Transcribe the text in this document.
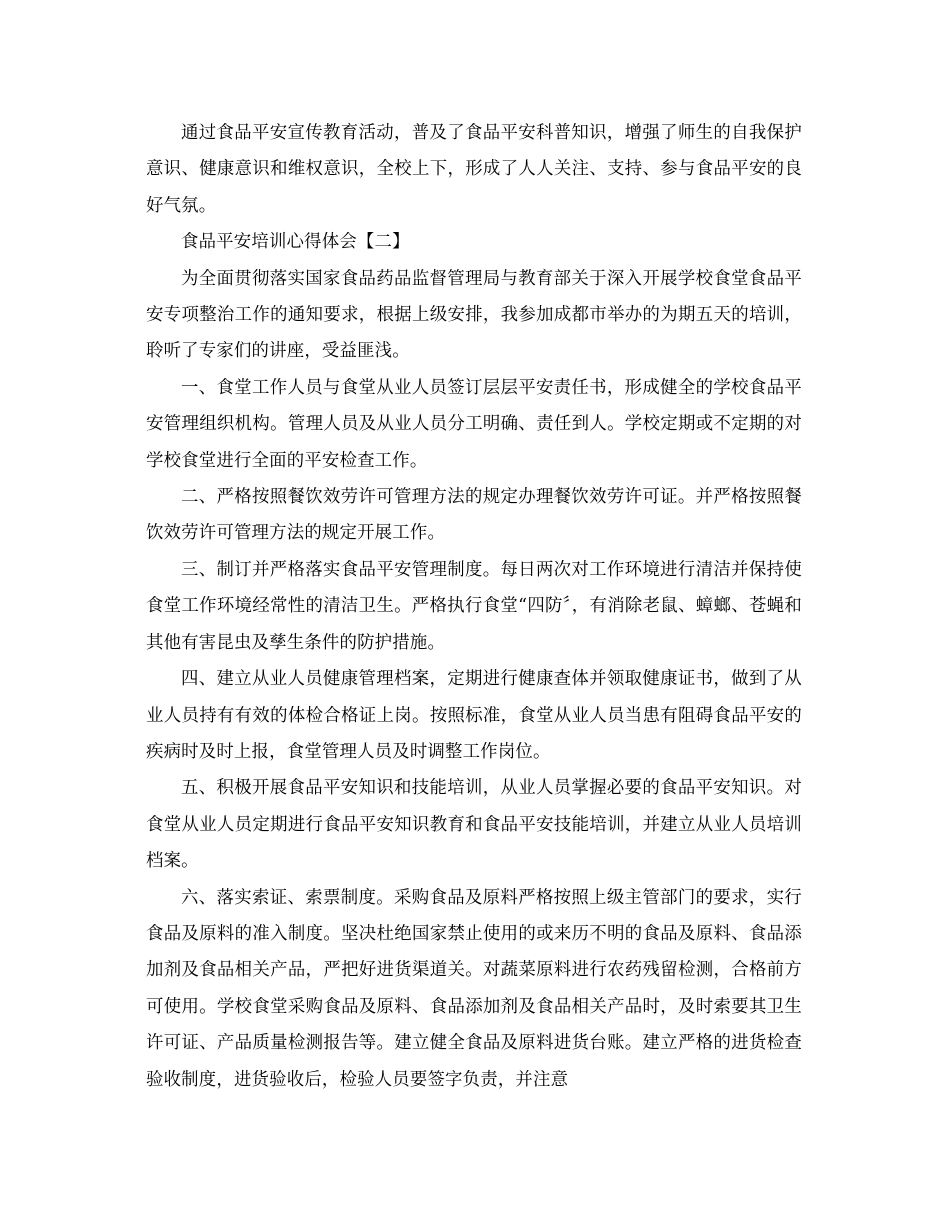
通过食品平安宣传教育活动，普及了食品平安科普知识，增强了师生的自我保护意识、健康意识和维权意识，全校上下，形成了人人关注、支持、参与食品平安的良好气氛。

食品平安培训心得体会【二】

为全面贯彻落实国家食品药品监督管理局与教育部关于深入开展学校食堂食品平安专项整治工作的通知要求，根据上级安排，我参加成都市举办的为期五天的培训，聆听了专家们的讲座，受益匪浅。

一、食堂工作人员与食堂从业人员签订层层平安责任书，形成健全的学校食品平安管理组织机构。管理人员及从业人员分工明确、责任到人。学校定期或不定期的对学校食堂进行全面的平安检查工作。

二、严格按照餐饮效劳许可管理方法的规定办理餐饮效劳许可证。并严格按照餐饮效劳许可管理方法的规定开展工作。

三、制订并严格落实食品平安管理制度。每日两次对工作环境进行清洁并保持使食堂工作环境经常性的清洁卫生。严格执行食堂“四防〞，有消除老鼠、蟑螂、苍蝇和其他有害昆虫及孳生条件的防护措施。

四、建立从业人员健康管理档案，定期进行健康查体并领取健康证书，做到了从业人员持有有效的体检合格证上岗。按照标准，食堂从业人员当患有阻碍食品平安的疾病时及时上报，食堂管理人员及时调整工作岗位。

五、积极开展食品平安知识和技能培训，从业人员掌握必要的食品平安知识。对食堂从业人员定期进行食品平安知识教育和食品平安技能培训，并建立从业人员培训档案。

六、落实索证、索票制度。采购食品及原料严格按照上级主管部门的要求，实行食品及原料的准入制度。坚决杜绝国家禁止使用的或来历不明的食品及原料、食品添加剂及食品相关产品，严把好进货渠道关。对蔬菜原料进行农药残留检测，合格前方可使用。学校食堂采购食品及原料、食品添加剂及食品相关产品时，及时索要其卫生许可证、产品质量检测报告等。建立健全食品及原料进货台账。建立严格的进货检查验收制度，进货验收后，检验人员要签字负责，并注意
